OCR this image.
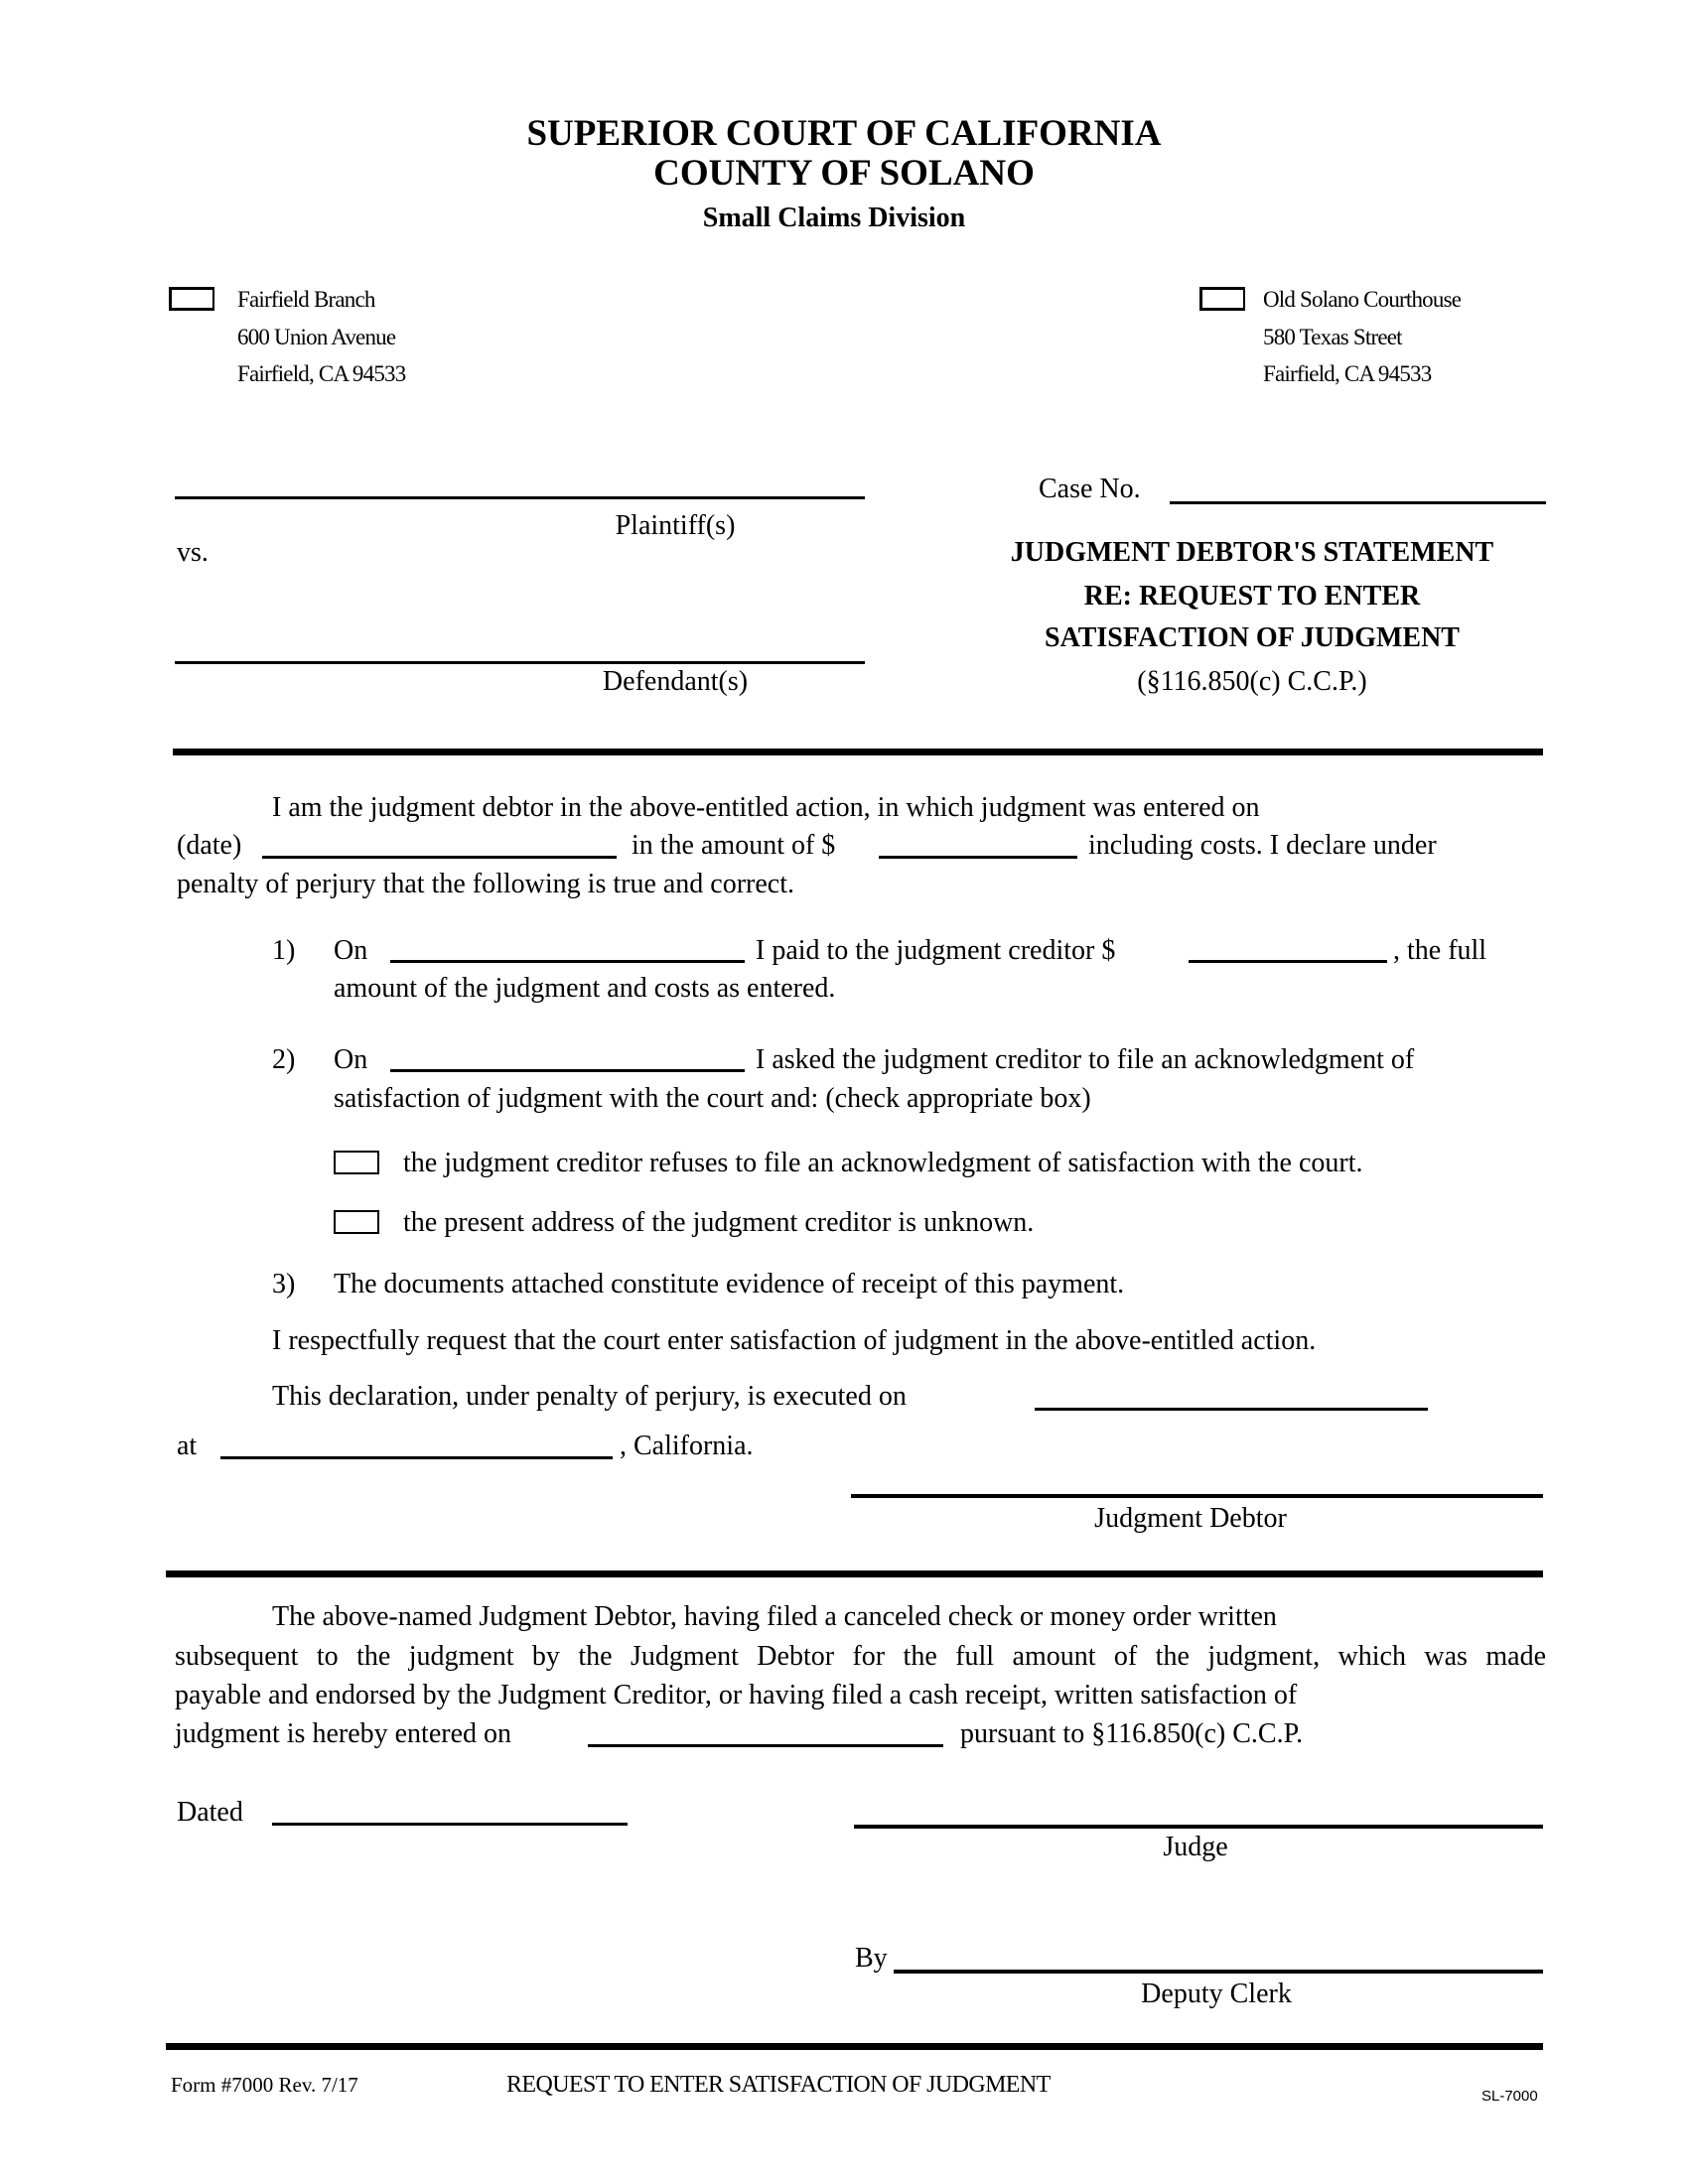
SUPERIOR COURT OF CALIFORNIA
COUNTY OF SOLANO
Small Claims Division
Fairfield Branch
600 Union Avenue
Fairfield, CA 94533
Old Solano Courthouse
580 Texas Street
Fairfield, CA 94533
Plaintiff(s)
vs.
Defendant(s)
Case No.
JUDGMENT DEBTOR'S STATEMENT
RE: REQUEST TO ENTER
SATISFACTION OF JUDGMENT
(§116.850(c) C.C.P.)
I am the judgment debtor in the above-entitled action, in which judgment was entered on
(date)	in the amount of $	including costs. I declare under
penalty of perjury that the following is true and correct.
1) On	I paid to the judgment creditor $	, the full
amount of the judgment and costs as entered.
2) On	I asked the judgment creditor to file an acknowledgment of
satisfaction of judgment with the court and: (check appropriate box)
the judgment creditor refuses to file an acknowledgment of satisfaction with the court.
the present address of the judgment creditor is unknown.
3) The documents attached constitute evidence of receipt of this payment.
I respectfully request that the court enter satisfaction of judgment in the above-entitled action.
This declaration, under penalty of perjury, is executed on
at	, California.
Judgment Debtor
The above-named Judgment Debtor, having filed a canceled check or money order written
subsequent to the judgment by the Judgment Debtor for the full amount of the judgment, which was made
payable and endorsed by the Judgment Creditor, or having filed a cash receipt, written satisfaction of
judgment is hereby entered on	pursuant to §116.850(c) C.C.P.
Dated
Judge
By
Deputy Clerk
Form #7000 Rev. 7/17	REQUEST TO ENTER SATISFACTION OF JUDGMENT	SL-7000
